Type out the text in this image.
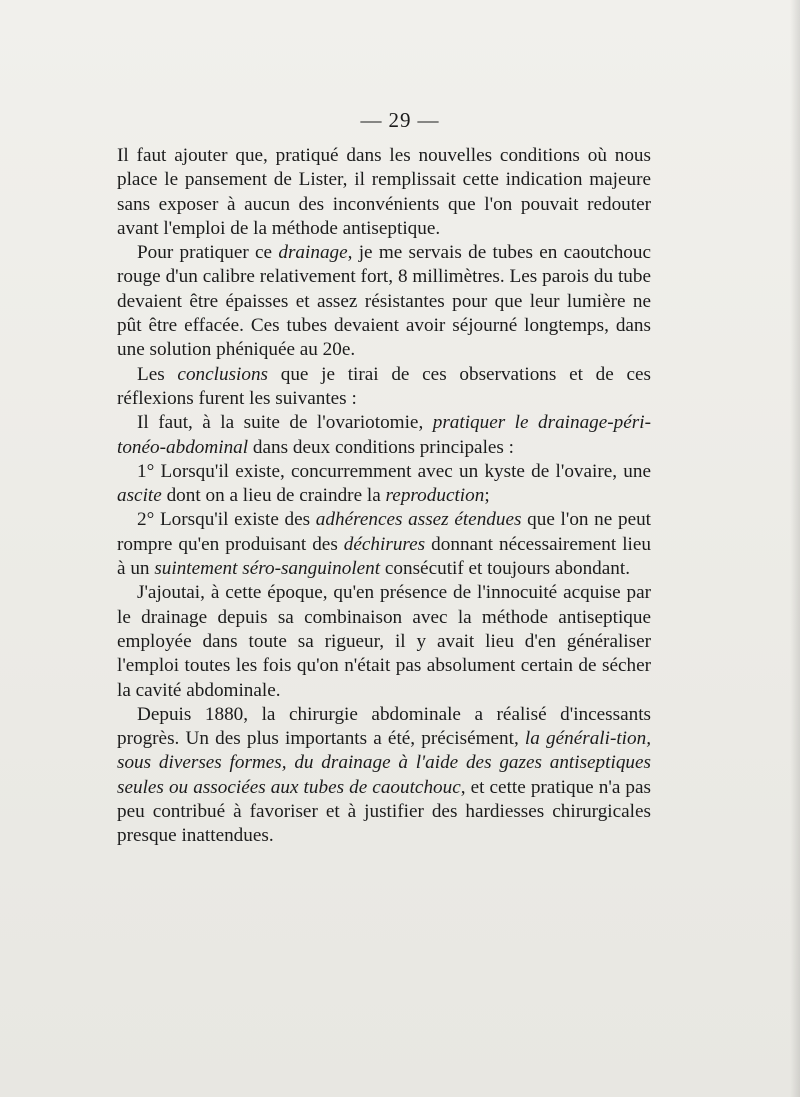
— 29 —

Il faut ajouter que, pratiqué dans les nouvelles conditions où nous place le pansement de Lister, il remplissait cette indication majeure sans exposer à aucun des inconvénients que l'on pouvait redouter avant l'emploi de la méthode antiseptique.

Pour pratiquer ce drainage, je me servais de tubes en caoutchouc rouge d'un calibre relativement fort, 8 millimètres. Les parois du tube devaient être épaisses et assez résistantes pour que leur lumière ne pût être effacée. Ces tubes devaient avoir séjourné longtemps, dans une solution phéniquée au 20e.

Les conclusions que je tirai de ces observations et de ces réflexions furent les suivantes :

Il faut, à la suite de l'ovariotomie, pratiquer le drainage-péri-tonéo-abdominal dans deux conditions principales :

1° Lorsqu'il existe, concurremment avec un kyste de l'ovaire, une ascite dont on a lieu de craindre la reproduction;

2° Lorsqu'il existe des adhérences assez étendues que l'on ne peut rompre qu'en produisant des déchirures donnant nécessairement lieu à un suintement séro-sanguinolent consécutif et toujours abondant.

J'ajoutai, à cette époque, qu'en présence de l'innocuité acquise par le drainage depuis sa combinaison avec la méthode antiseptique employée dans toute sa rigueur, il y avait lieu d'en généraliser l'emploi toutes les fois qu'on n'était pas absolument certain de sécher la cavité abdominale.

Depuis 1880, la chirurgie abdominale a réalisé d'incessants progrès. Un des plus importants a été, précisément, la générali-tion, sous diverses formes, du drainage à l'aide des gazes antiseptiques seules ou associées aux tubes de caoutchouc, et cette pratique n'a pas peu contribué à favoriser et à justifier des hardiesses chirurgicales presque inattendues.
